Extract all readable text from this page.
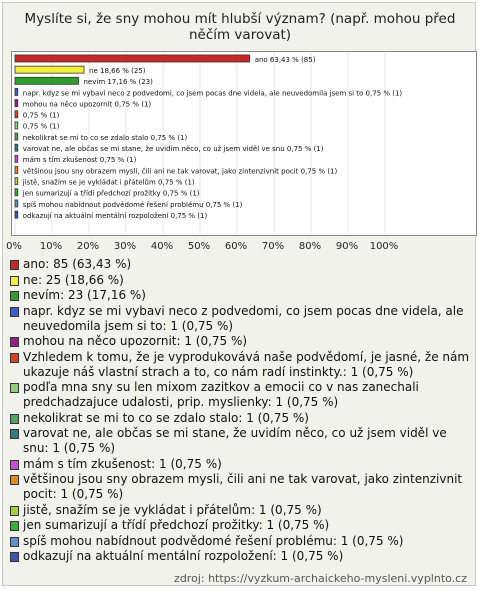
Myslíte si, že sny mohou mít hlubší význam? (např. mohou před něčím varovat)
ano 63,43 % (85)
ne 18,66 % (25)
nevím 17,16 % (23)
napr. kdyz se mi vybavi neco z podvedomi, co jsem pocas dne videla, ale neuvedomila jsem si to 0,75 % (1)
mohou na něco upozornit 0,75 % (1)
0,75 % (1)
0,75 % (1)
nekolikrat se mi to co se zdalo stalo 0,75 % (1)
varovat ne, ale občas se mi stane, že uvidím něco, co už jsem viděl ve snu 0,75 % (1)
mám s tím zkušenost 0,75 % (1)
většinou jsou sny obrazem mysli, čili ani ne tak varovat, jako zintenzivnit pocit 0,75 % (1)
jistě, snažím se je vykládat i přátelům 0,75 % (1)
jen sumarizují a třídí předchozí prožitky 0,75 % (1)
spíš mohou nabídnout podvědomé řešení problému 0,75 % (1)
odkazují na aktuální mentální rozpoložení 0,75 % (1)
0% 10% 20% 30% 40% 50% 60% 70% 80% 90% 100%
ano: 85 (63,43 %)
ne: 25 (18,66 %)
nevím: 23 (17,16 %)
napr. kdyz se mi vybavi neco z podvedomi, co jsem pocas dne videla, ale neuvedomila jsem si to: 1 (0,75 %)
mohou na něco upozornit: 1 (0,75 %)
Vzhledem k tomu, že je vyprodukovává naše podvědomí, je jasné, že nám ukazuje náš vlastní strach a to, co nám radí instinkty.: 1 (0,75 %)
podľa mna sny su len mixom zazitkov a emocii co v nas zanechali predchadzajuce udalosti, prip. myslienky: 1 (0,75 %)
nekolikrat se mi to co se zdalo stalo: 1 (0,75 %)
varovat ne, ale občas se mi stane, že uvidím něco, co už jsem viděl ve snu: 1 (0,75 %)
mám s tím zkušenost: 1 (0,75 %)
většinou jsou sny obrazem mysli, čili ani ne tak varovat, jako zintenzivnit pocit: 1 (0,75 %)
jistě, snažím se je vykládat i přátelům: 1 (0,75 %)
jen sumarizují a třídí předchozí prožitky: 1 (0,75 %)
spíš mohou nabídnout podvědomé řešení problému: 1 (0,75 %)
odkazují na aktuální mentální rozpoložení: 1 (0,75 %)
zdroj: https://vyzkum-archaickeho-mysleni.vyplnto.cz
